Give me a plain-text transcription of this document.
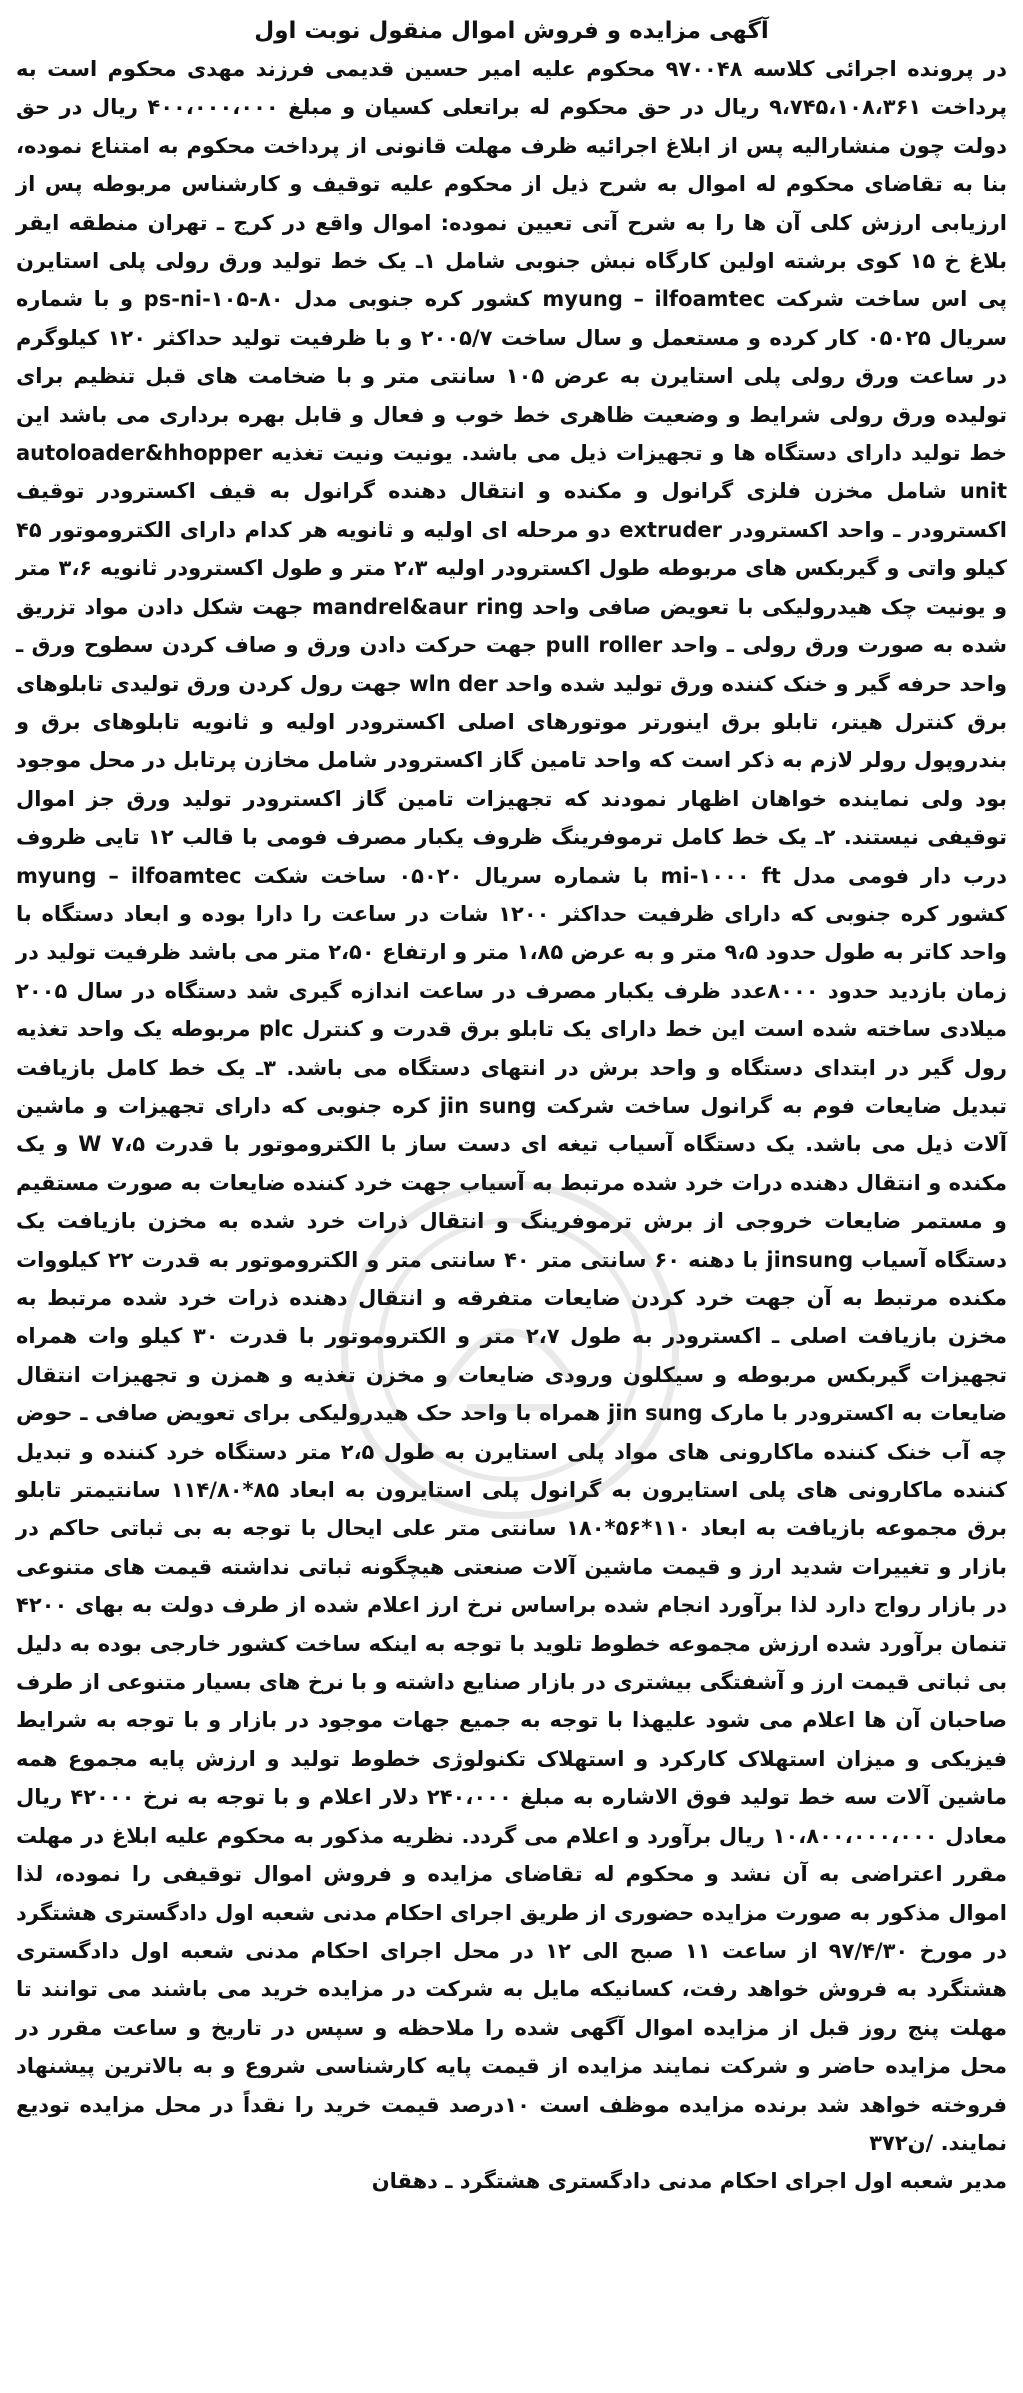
آگهی مزایده و فروش اموال منقول نوبت اول

در پرونده اجرائی کلاسه ۹۷۰۰۴۸ محکوم علیه امیر حسین قدیمی فرزند مهدی محکوم است به پرداخت ۹،۷۴۵،۱۰۸،۳۶۱ ریال در حق محکوم له براتعلی کسیان و مبلغ ۴۰۰،۰۰۰،۰۰۰ ریال در حق دولت چون منشارالیه پس از ابلاغ اجرائیه ظرف مهلت قانونی از پرداخت محکوم به امتناع نموده، بنا به تقاضای محکوم له اموال به شرح ذیل از محکوم علیه توقیف و کارشناس مربوطه پس از ارزیابی ارزش کلی آن ها را به شرح آتی تعیین نموده: اموال واقع در کرج ـ تهران منطقه ایقر بلاغ خ ۱۵ کوی برشته اولین کارگاه نبش جنوبی شامل ۱ـ یک خط تولید ورق رولی پلی استایرن پی اس ساخت شرکت myung – ilfoamtec کشور کره جنوبی مدل ps-ni-۱۰۵-۸۰ و با شماره سریال ۰۵۰۲۵ کار کرده و مستعمل و سال ساخت ۲۰۰۵/۷ و با ظرفیت تولید حداکثر ۱۲۰ کیلوگرم در ساعت ورق رولی پلی استایرن به عرض ۱۰۵ سانتی متر و با ضخامت های قبل تنظیم برای تولیده ورق رولی شرایط و وضعیت ظاهری خط خوب و فعال و قابل بهره برداری می باشد این خط تولید دارای دستگاه ها و تجهیزات ذیل می باشد. یونیت ونیت تغذیه autoloader&hhopper unit شامل مخزن فلزی گرانول و مکنده و انتقال دهنده گرانول به قیف اکسترودر توقیف اکسترودر ـ واحد اکسترودر extruder دو مرحله ای اولیه و ثانویه هر کدام دارای الکتروموتور ۴۵ کیلو واتی و گیربکس های مربوطه طول اکسترودر اولیه ۲،۳ متر و طول اکسترودر ثانویه ۳،۶ متر و یونیت چک هیدرولیکی با تعویض صافی واحد mandrel&aur ring جهت شکل دادن مواد تزریق شده به صورت ورق رولی ـ واحد pull roller جهت حرکت دادن ورق و صاف کردن سطوح ورق ـ واحد حرفه گیر و خنک کننده ورق تولید شده واحد wln der جهت رول کردن ورق تولیدی تابلوهای برق کنترل هیتر، تابلو برق اینورتر موتورهای اصلی اکسترودر اولیه و ثانویه تابلوهای برق و بندروپول رولر لازم به ذکر است که واحد تامین گاز اکسترودر شامل مخازن پرتابل در محل موجود بود ولی نماینده خواهان اظهار نمودند که تجهیزات تامین گاز اکسترودر تولید ورق جز اموال توقیفی نیستند. ۲ـ یک خط کامل ترموفرینگ ظروف یکبار مصرف فومی با قالب ۱۲ تایی ظروف درب دار فومی مدل mi-۱۰۰۰ ft با شماره سریال ۰۵۰۲۰ ساخت شکت myung – ilfoamtec کشور کره جنوبی که دارای ظرفیت حداکثر ۱۲۰۰ شات در ساعت را دارا بوده و ابعاد دستگاه با واحد کاتر به طول حدود ۹،۵ متر و به عرض ۱،۸۵ متر و ارتفاع ۲،۵۰ متر می باشد ظرفیت تولید در زمان بازدید حدود ۸۰۰۰عدد ظرف یکبار مصرف در ساعت اندازه گیری شد دستگاه در سال ۲۰۰۵ میلادی ساخته شده است این خط دارای یک تابلو برق قدرت و کنترل plc مربوطه یک واحد تغذیه رول گیر در ابتدای دستگاه و واحد برش در انتهای دستگاه می باشد. ۳ـ یک خط کامل بازیافت تبدیل ضایعات فوم به گرانول ساخت شرکت jin sung کره جنوبی که دارای تجهیزات و ماشین آلات ذیل می باشد. یک دستگاه آسیاب تیغه ای دست ساز با الکتروموتور با قدرت ۷،۵ W و یک مکنده و انتقال دهنده درات خرد شده مرتبط به آسیاب جهت خرد کننده ضایعات به صورت مستقیم و مستمر ضایعات خروجی از برش ترموفرینگ و انتقال ذرات خرد شده به مخزن بازیافت یک دستگاه آسیاب jinsung با دهنه ۶۰ سانتی متر ۴۰ سانتی متر و الکتروموتور به قدرت ۲۲ کیلووات مکنده مرتبط به آن جهت خرد کردن ضایعات متفرقه و انتقال دهنده ذرات خرد شده مرتبط به مخزن بازیافت اصلی ـ اکسترودر به طول ۲،۷ متر و الکتروموتور با قدرت ۳۰ کیلو وات همراه تجهیزات گیربکس مربوطه و سیکلون ورودی ضایعات و مخزن تغذیه و همزن و تجهیزات انتقال ضایعات به اکسترودر با مارک jin sung همراه با واحد حک هیدرولیکی برای تعویض صافی ـ حوض چه آب خنک کننده ماکارونی های مواد پلی استایرن به طول ۲،۵ متر دستگاه خرد کننده و تبدیل کننده ماکارونی های پلی استایرون به گرانول پلی استایرون به ابعاد ۸۵*۱۱۴/۸۰ سانتیمتر تابلو برق مجموعه بازیافت به ابعاد ۱۱۰*۵۶*۱۸۰ سانتی متر علی ایحال با توجه به بی ثباتی حاکم در بازار و تغییرات شدید ارز و قیمت ماشین آلات صنعتی هیچگونه ثباتی نداشته قیمت های متنوعی در بازار رواج دارد لذا برآورد انجام شده براساس نرخ ارز اعلام شده از طرف دولت به بهای ۴۲۰۰ تنمان برآورد شده ارزش مجموعه خطوط تلوید با توجه به اینکه ساخت کشور خارجی بوده به دلیل بی ثباتی قیمت ارز و آشفتگی بیشتری در بازار صنایع داشته و با نرخ های بسیار متنوعی از طرف صاحبان آن ها اعلام می شود علیهذا با توجه به جمیع جهات موجود در بازار و با توجه به شرایط فیزیکی و میزان استهلاک کارکرد و استهلاک تکنولوژی خطوط تولید و ارزش پایه مجموع همه ماشین آلات سه خط تولید فوق الاشاره به مبلغ ۲۴۰،۰۰۰ دلار اعلام و با توجه به نرخ ۴۲۰۰۰ ریال معادل ۱۰،۸۰۰،۰۰۰،۰۰۰ ریال برآورد و اعلام می گردد. نظریه مذکور به محکوم علیه ابلاغ در مهلت مقرر اعتراضی به آن نشد و محکوم له تقاضای مزایده و فروش اموال توقیفی را نموده، لذا اموال مذکور به صورت مزایده حضوری از طریق اجرای احکام مدنی شعبه اول دادگستری هشتگرد در مورخ ۹۷/۴/۳۰ از ساعت ۱۱ صبح الی ۱۲ در محل اجرای احکام مدنی شعبه اول دادگستری هشتگرد به فروش خواهد رفت، کسانیکه مایل به شرکت در مزایده خرید می باشند می توانند تا مهلت پنج روز قبل از مزایده اموال آگهی شده را ملاحظه و سپس در تاریخ و ساعت مقرر در محل مزایده حاضر و شرکت نمایند مزایده از قیمت پایه کارشناسی شروع و به بالاترین پیشنهاد فروخته خواهد شد برنده مزایده موظف است ۱۰درصد قیمت خرید را نقداً در محل مزایده تودیع نمایند. /ن۳۷۲

مدیر شعبه اول اجرای احکام مدنی دادگستری هشتگرد ـ دهقان
